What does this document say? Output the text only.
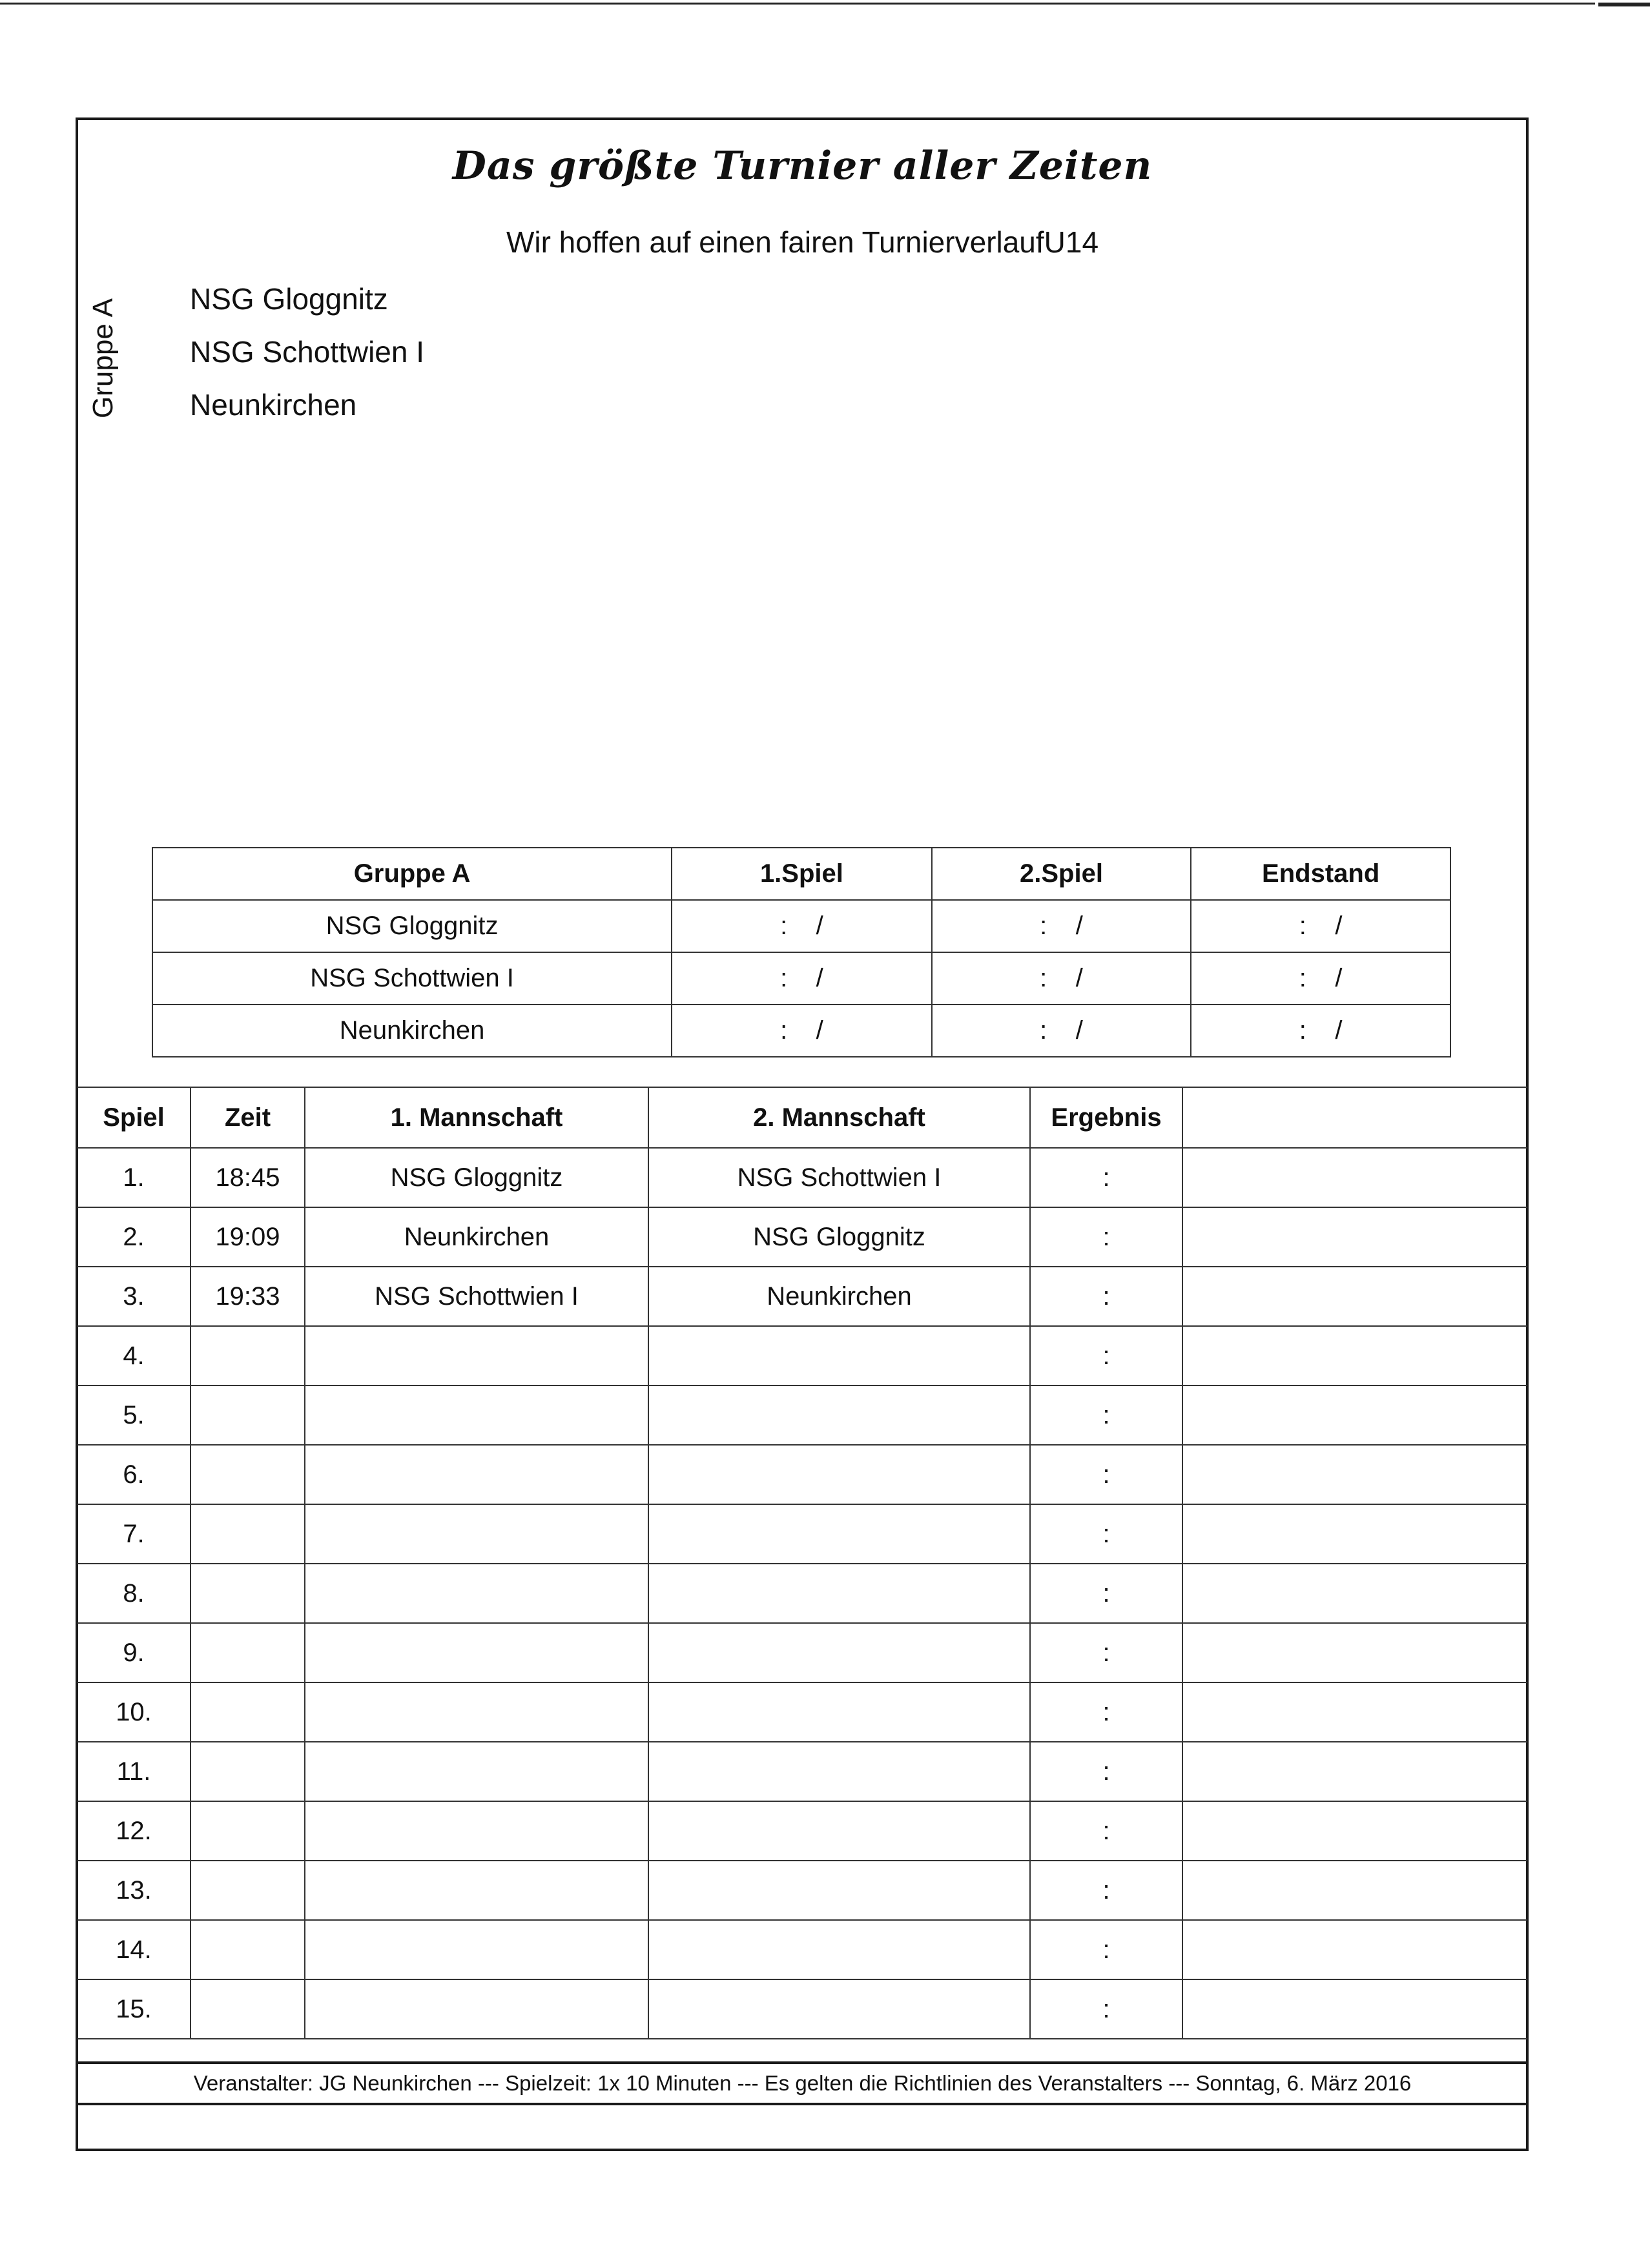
Das größte Turnier aller Zeiten
Wir hoffen auf einen fairen TurnierverlaufU14
Gruppe A NSG Gloggnitz
NSG Schottwien I
Neunkirchen
Gruppe A	1.Spiel	2.Spiel	Endstand
NSG Gloggnitz	:    /	:    /	:    /
NSG Schottwien I	:    /	:    /	:    /
Neunkirchen	:    /	:    /	:    /
Spiel	Zeit	1. Mannschaft	2. Mannschaft	Ergebnis	
1.	18:45	NSG Gloggnitz	NSG Schottwien I	:	
2.	19:09	Neunkirchen	NSG Gloggnitz	:	
3.	19:33	NSG Schottwien I	Neunkirchen	:	
4.				:	
5.				:	
6.				:	
7.				:	
8.				:	
9.				:	
10.				:	
11.				:	
12.				:	
13.				:	
14.				:	
15.				:	
Veranstalter: JG Neunkirchen --- Spielzeit: 1x 10 Minuten --- Es gelten die Richtlinien des Veranstalters --- Sonntag, 6. März 2016
